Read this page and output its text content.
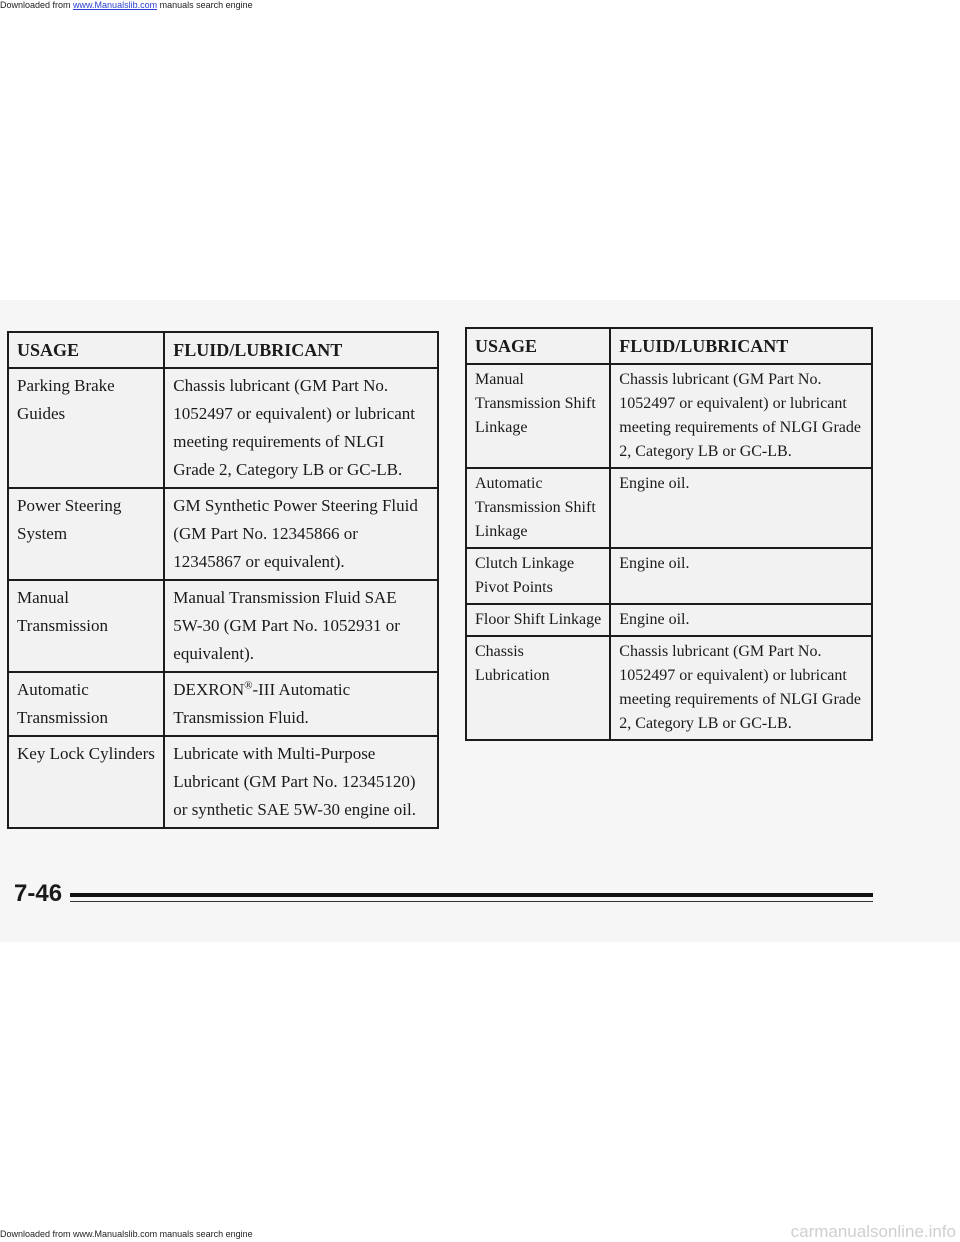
Downloaded from www.Manualslib.com manuals search engine
USAGE	FLUID/LUBRICANT
Parking Brake Guides	Chassis lubricant (GM Part No. 1052497 or equivalent) or lubricant meeting requirements of NLGI Grade 2, Category LB or GC-LB.
Power Steering System	GM Synthetic Power Steering Fluid (GM Part No. 12345866 or 12345867 or equivalent).
Manual Transmission	Manual Transmission Fluid SAE 5W-30 (GM Part No. 1052931 or equivalent).
Automatic Transmission	DEXRON®-III Automatic Transmission Fluid.
Key Lock Cylinders	Lubricate with Multi-Purpose Lubricant (GM Part No. 12345120) or synthetic SAE 5W-30 engine oil.
USAGE	FLUID/LUBRICANT
Manual Transmission Shift Linkage	Chassis lubricant (GM Part No. 1052497 or equivalent) or lubricant meeting requirements of NLGI Grade 2, Category LB or GC-LB.
Automatic Transmission Shift Linkage	Engine oil.
Clutch Linkage Pivot Points	Engine oil.
Floor Shift Linkage	Engine oil.
Chassis Lubrication	Chassis lubricant (GM Part No. 1052497 or equivalent) or lubricant meeting requirements of NLGI Grade 2, Category LB or GC-LB.
7-46
Downloaded from www.Manualslib.com manuals search engine	carmanualsonline.info
